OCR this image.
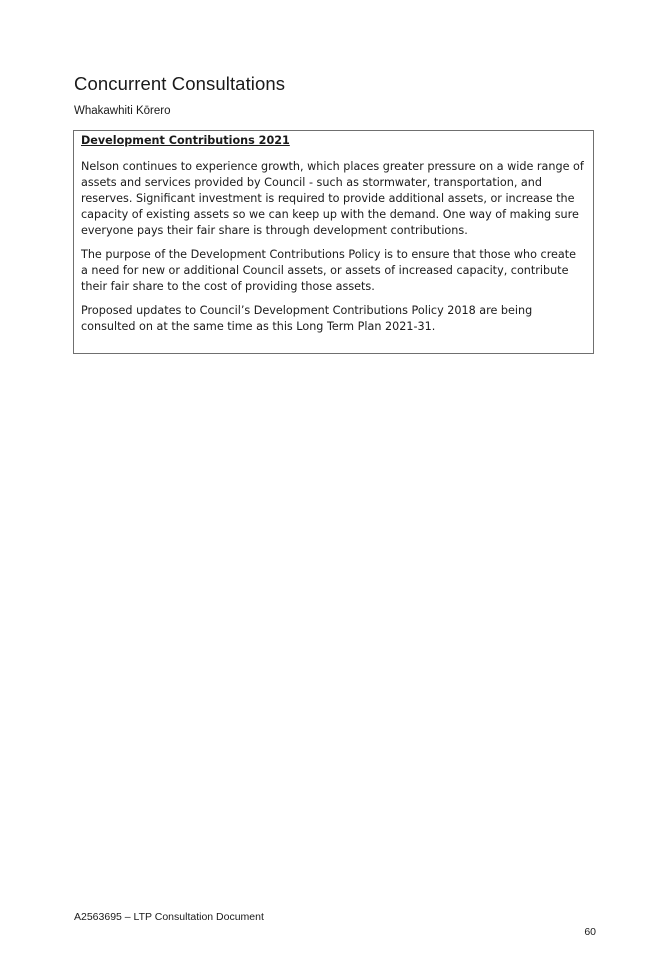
Concurrent Consultations

Whakawhiti Kōrero

Development Contributions 2021

Nelson continues to experience growth, which places greater pressure on a wide range of assets and services provided by Council - such as stormwater, transportation, and reserves. Significant investment is required to provide additional assets, or increase the capacity of existing assets so we can keep up with the demand. One way of making sure everyone pays their fair share is through development contributions.

The purpose of the Development Contributions Policy is to ensure that those who create a need for new or additional Council assets, or assets of increased capacity, contribute their fair share to the cost of providing those assets.

Proposed updates to Council’s Development Contributions Policy 2018 are being consulted on at the same time as this Long Term Plan 2021-31.

A2563695 – LTP Consultation Document
60
